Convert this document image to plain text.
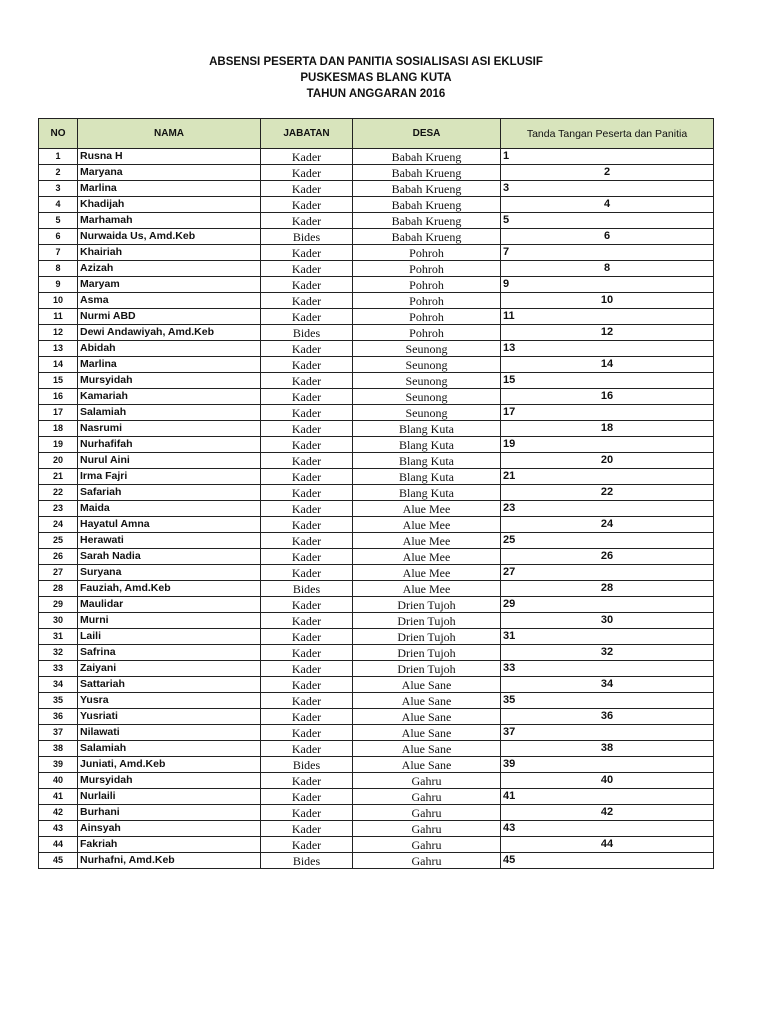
ABSENSI PESERTA DAN PANITIA SOSIALISASI ASI EKLUSIF
PUSKESMAS BLANG KUTA
TAHUN ANGGARAN 2016
NO	NAMA	JABATAN	DESA	Tanda Tangan Peserta dan Panitia
1	Rusna H	Kader	Babah Krueng	1
2	Maryana	Kader	Babah Krueng	2
3	Marlina	Kader	Babah Krueng	3
4	Khadijah	Kader	Babah Krueng	4
5	Marhamah	Kader	Babah Krueng	5
6	Nurwaida Us, Amd.Keb	Bides	Babah Krueng	6
7	Khairiah	Kader	Pohroh	7
8	Azizah	Kader	Pohroh	8
9	Maryam	Kader	Pohroh	9
10	Asma	Kader	Pohroh	10
11	Nurmi ABD	Kader	Pohroh	11
12	Dewi Andawiyah, Amd.Keb	Bides	Pohroh	12
13	Abidah	Kader	Seunong	13
14	Marlina	Kader	Seunong	14
15	Mursyidah	Kader	Seunong	15
16	Kamariah	Kader	Seunong	16
17	Salamiah	Kader	Seunong	17
18	Nasrumi	Kader	Blang Kuta	18
19	Nurhafifah	Kader	Blang Kuta	19
20	Nurul Aini	Kader	Blang Kuta	20
21	Irma Fajri	Kader	Blang Kuta	21
22	Safariah	Kader	Blang Kuta	22
23	Maida	Kader	Alue Mee	23
24	Hayatul Amna	Kader	Alue Mee	24
25	Herawati	Kader	Alue Mee	25
26	Sarah Nadia	Kader	Alue Mee	26
27	Suryana	Kader	Alue Mee	27
28	Fauziah, Amd.Keb	Bides	Alue Mee	28
29	Maulidar	Kader	Drien Tujoh	29
30	Murni	Kader	Drien Tujoh	30
31	Laili	Kader	Drien Tujoh	31
32	Safrina	Kader	Drien Tujoh	32
33	Zaiyani	Kader	Drien Tujoh	33
34	Sattariah	Kader	Alue Sane	34
35	Yusra	Kader	Alue Sane	35
36	Yusriati	Kader	Alue Sane	36
37	Nilawati	Kader	Alue Sane	37
38	Salamiah	Kader	Alue Sane	38
39	Juniati, Amd.Keb	Bides	Alue Sane	39
40	Mursyidah	Kader	Gahru	40
41	Nurlaili	Kader	Gahru	41
42	Burhani	Kader	Gahru	42
43	Ainsyah	Kader	Gahru	43
44	Fakriah	Kader	Gahru	44
45	Nurhafni, Amd.Keb	Bides	Gahru	45
